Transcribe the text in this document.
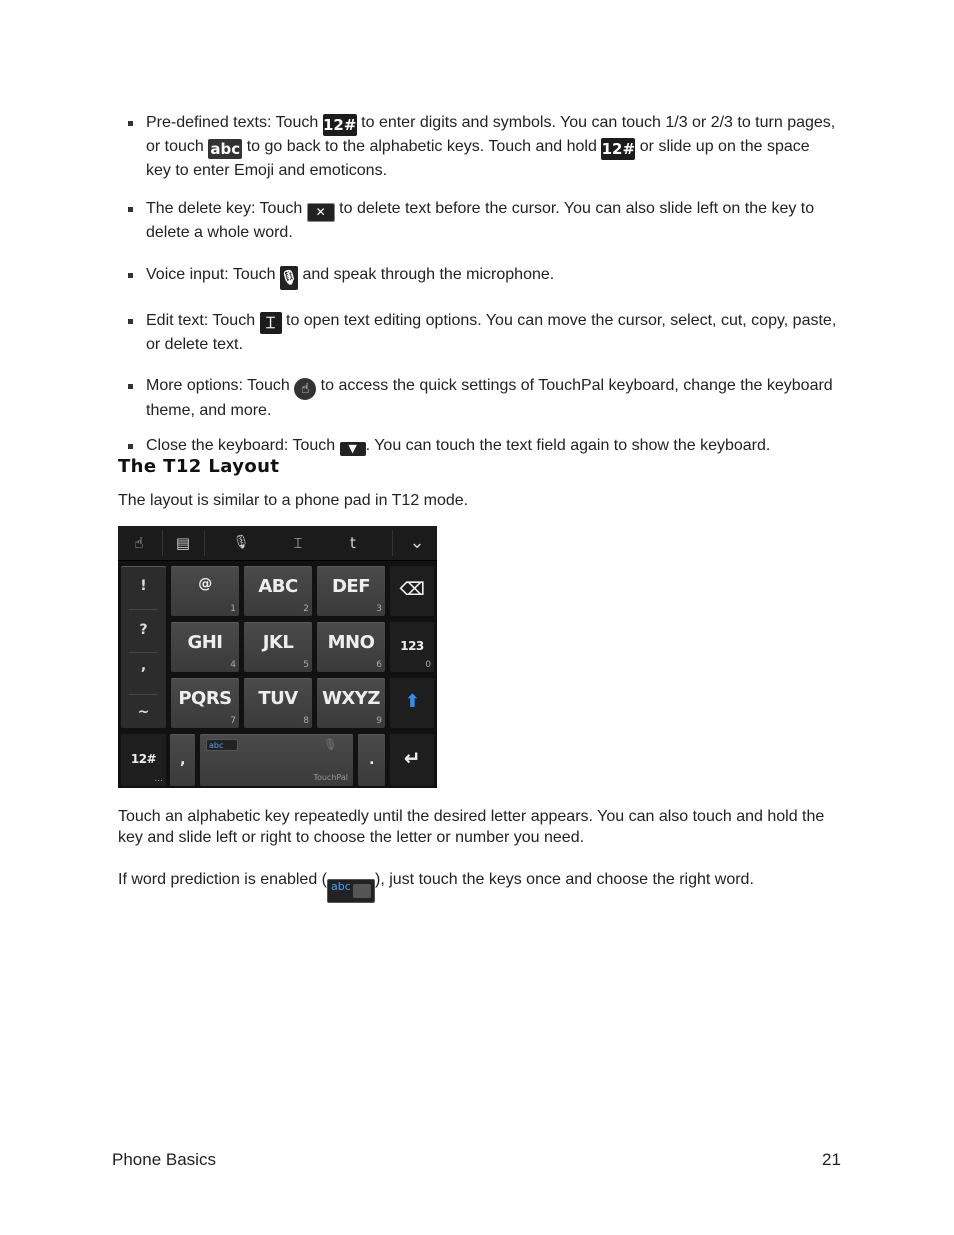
Pre-defined texts: Touch 12# to enter digits and symbols. You can touch 1/3 or 2/3 to turn pages, or touch abc to go back to the alphabetic keys. Touch and hold 12# or slide up on the space key to enter Emoji and emoticons.
The delete key: Touch ✕ to delete text before the cursor. You can also slide left on the key to delete a whole word.
Voice input: Touch 🎙 and speak through the microphone.
Edit text: Touch ⌶ to open text editing options. You can move the cursor, select, cut, copy, paste, or delete text.
More options: Touch ☝ to access the quick settings of TouchPal keyboard, change the keyboard theme, and more.
Close the keyboard: Touch ▼ . You can touch the text field again to show the keyboard.
The T12 Layout

The layout is similar to a phone pad in T12 mode.

☝	▤	🎙	⌶	t	⌄
!
?
,
~
@
1
ABC
2
DEF
3
GHI
4
JKL
5
MNO
6
PQRS
7
TUV
8
WXYZ
9
⌫
123
0
⬆
12#
...
,
abc	🎙
TouchPal
.	↵

Touch an alphabetic key repeatedly until the desired letter appears. You can also touch and hold the key and slide left or right to choose the letter or number you need.

If word prediction is enabled ( abc ), just touch the keys once and choose the right word.

Phone Basics	21
